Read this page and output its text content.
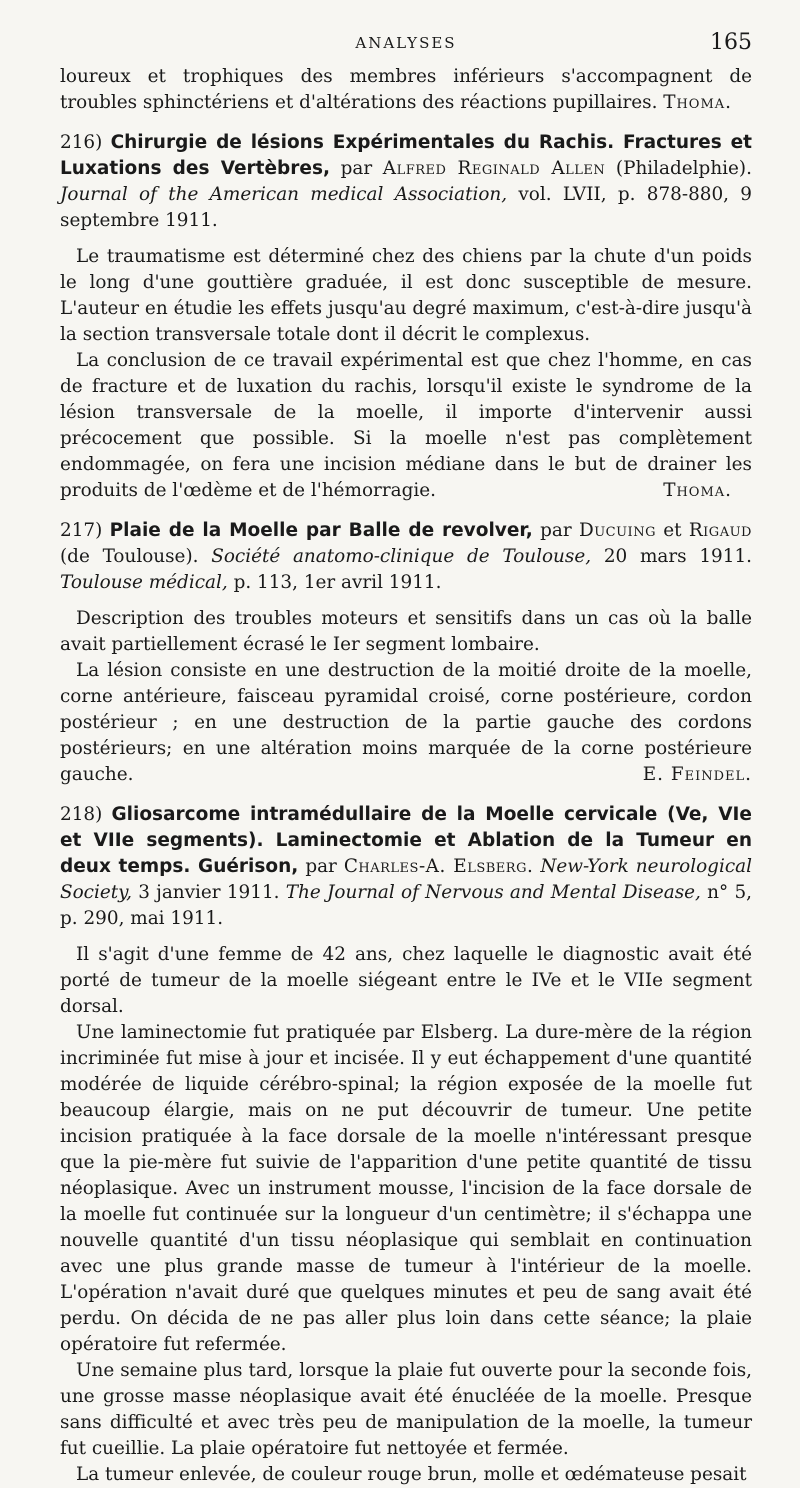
ANALYSES	165

loureux et trophiques des membres inférieurs s'accompagnent de troubles sphinctériens et d'altérations des réactions pupillaires. Thoma.

216) Chirurgie de lésions Expérimentales du Rachis. Fractures et Luxations des Vertèbres, par Alfred Reginald Allen (Philadelphie). Journal of the American medical Association, vol. LVII, p. 878-880, 9 septembre 1911.

Le traumatisme est déterminé chez des chiens par la chute d'un poids le long d'une gouttière graduée, il est donc susceptible de mesure. L'auteur en étudie les effets jusqu'au degré maximum, c'est-à-dire jusqu'à la section transversale totale dont il décrit le complexus.

La conclusion de ce travail expérimental est que chez l'homme, en cas de fracture et de luxation du rachis, lorsqu'il existe le syndrome de la lésion transversale de la moelle, il importe d'intervenir aussi précocement que possible. Si la moelle n'est pas complètement endommagée, on fera une incision médiane dans le but de drainer les produits de l'œdème et de l'hémorragie.	Thoma.

217) Plaie de la Moelle par Balle de revolver, par Ducuing et Rigaud (de Toulouse). Société anatomo-clinique de Toulouse, 20 mars 1911. Toulouse médical, p. 113, 1er avril 1911.

Description des troubles moteurs et sensitifs dans un cas où la balle avait partiellement écrasé le Ier segment lombaire.

La lésion consiste en une destruction de la moitié droite de la moelle, corne antérieure, faisceau pyramidal croisé, corne postérieure, cordon postérieur ; en une destruction de la partie gauche des cordons postérieurs; en une altération moins marquée de la corne postérieure gauche.	E. Feindel.

218) Gliosarcome intramédullaire de la Moelle cervicale (Ve, VIe et VIIe segments). Laminectomie et Ablation de la Tumeur en deux temps. Guérison, par Charles-A. Elsberg. New-York neurological Society, 3 janvier 1911. The Journal of Nervous and Mental Disease, n° 5, p. 290, mai 1911.

Il s'agit d'une femme de 42 ans, chez laquelle le diagnostic avait été porté de tumeur de la moelle siégeant entre le IVe et le VIIe segment dorsal.

Une laminectomie fut pratiquée par Elsberg. La dure-mère de la région incriminée fut mise à jour et incisée. Il y eut échappement d'une quantité modérée de liquide cérébro-spinal; la région exposée de la moelle fut beaucoup élargie, mais on ne put découvrir de tumeur. Une petite incision pratiquée à la face dorsale de la moelle n'intéressant presque que la pie-mère fut suivie de l'apparition d'une petite quantité de tissu néoplasique. Avec un instrument mousse, l'incision de la face dorsale de la moelle fut continuée sur la longueur d'un centimètre; il s'échappa une nouvelle quantité d'un tissu néoplasique qui semblait en continuation avec une plus grande masse de tumeur à l'intérieur de la moelle. L'opération n'avait duré que quelques minutes et peu de sang avait été perdu. On décida de ne pas aller plus loin dans cette séance; la plaie opératoire fut refermée.

Une semaine plus tard, lorsque la plaie fut ouverte pour la seconde fois, une grosse masse néoplasique avait été énucléée de la moelle. Presque sans difficulté et avec très peu de manipulation de la moelle, la tumeur fut cueillie. La plaie opératoire fut nettoyée et fermée.

La tumeur enlevée, de couleur rouge brun, molle et œdémateuse pesait
